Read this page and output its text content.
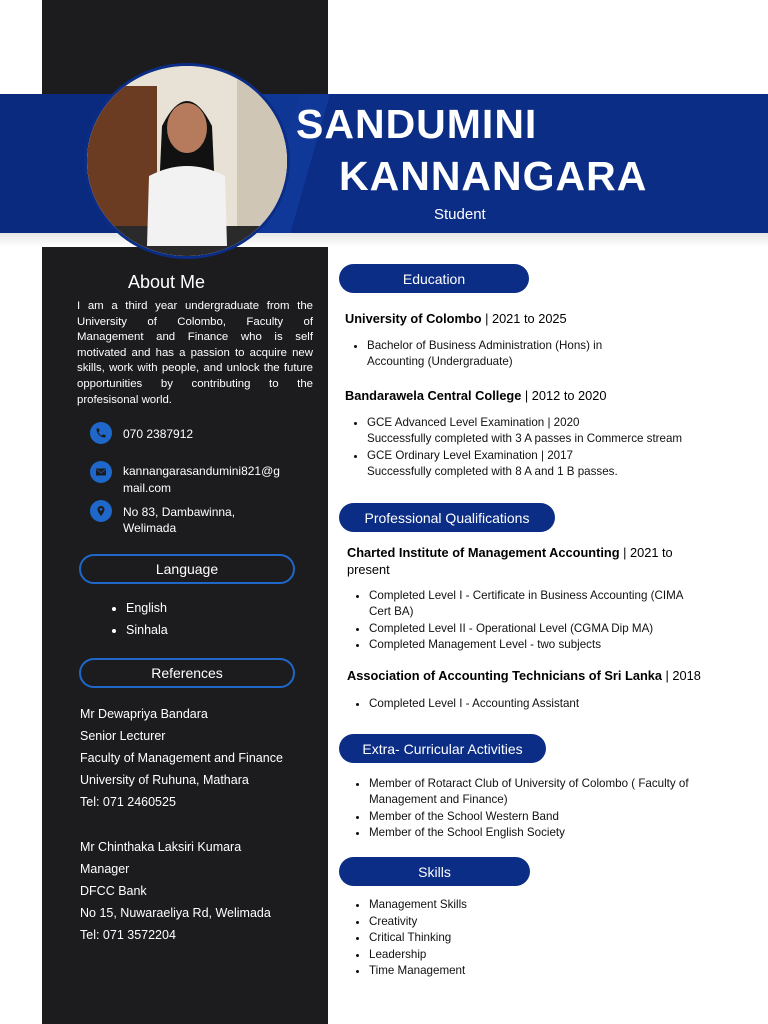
SANDUMINI
KANNANGARA
Student
About Me
I am a third year undergraduate from the University of Colombo, Faculty of Management and Finance who is self motivated and has a passion to acquire new skills, work with people, and unlock the future opportunities by contributing to the profesisonal world.
070 2387912
kannangarasandumini821@g
mail.com
No 83, Dambawinna,
Welimada
Language
• English
• Sinhala
References
Mr Dewapriya Bandara
Senior Lecturer
Faculty of Management and Finance
University of Ruhuna, Mathara
Tel: 071 2460525
Mr Chinthaka Laksiri Kumara
Manager
DFCC Bank
No 15, Nuwaraeliya Rd, Welimada
Tel: 071 3572204
Education
University of Colombo | 2021 to 2025
• Bachelor of Business Administration (Hons) in
Accounting (Undergraduate)
Bandarawela Central College | 2012 to 2020
• GCE Advanced Level Examination | 2020
Successfully completed with 3 A passes in Commerce stream
• GCE Ordinary Level Examination | 2017
Successfully completed with 8 A and 1 B passes.
Professional Qualifications
Charted Institute of Management Accounting | 2021 to
present
• Completed Level I - Certificate in Business Accounting (CIMA
Cert BA)
• Completed Level II - Operational Level (CGMA Dip MA)
• Completed Management Level - two subjects
Association of Accounting Technicians of Sri Lanka | 2018
• Completed Level I - Accounting Assistant
Extra- Curricular Activities
• Member of Rotaract Club of University of Colombo ( Faculty of
Management and Finance)
• Member of the School Western Band
• Member of the School English Society
Skills
• Management Skills
• Creativity
• Critical Thinking
• Leadership
• Time Management
